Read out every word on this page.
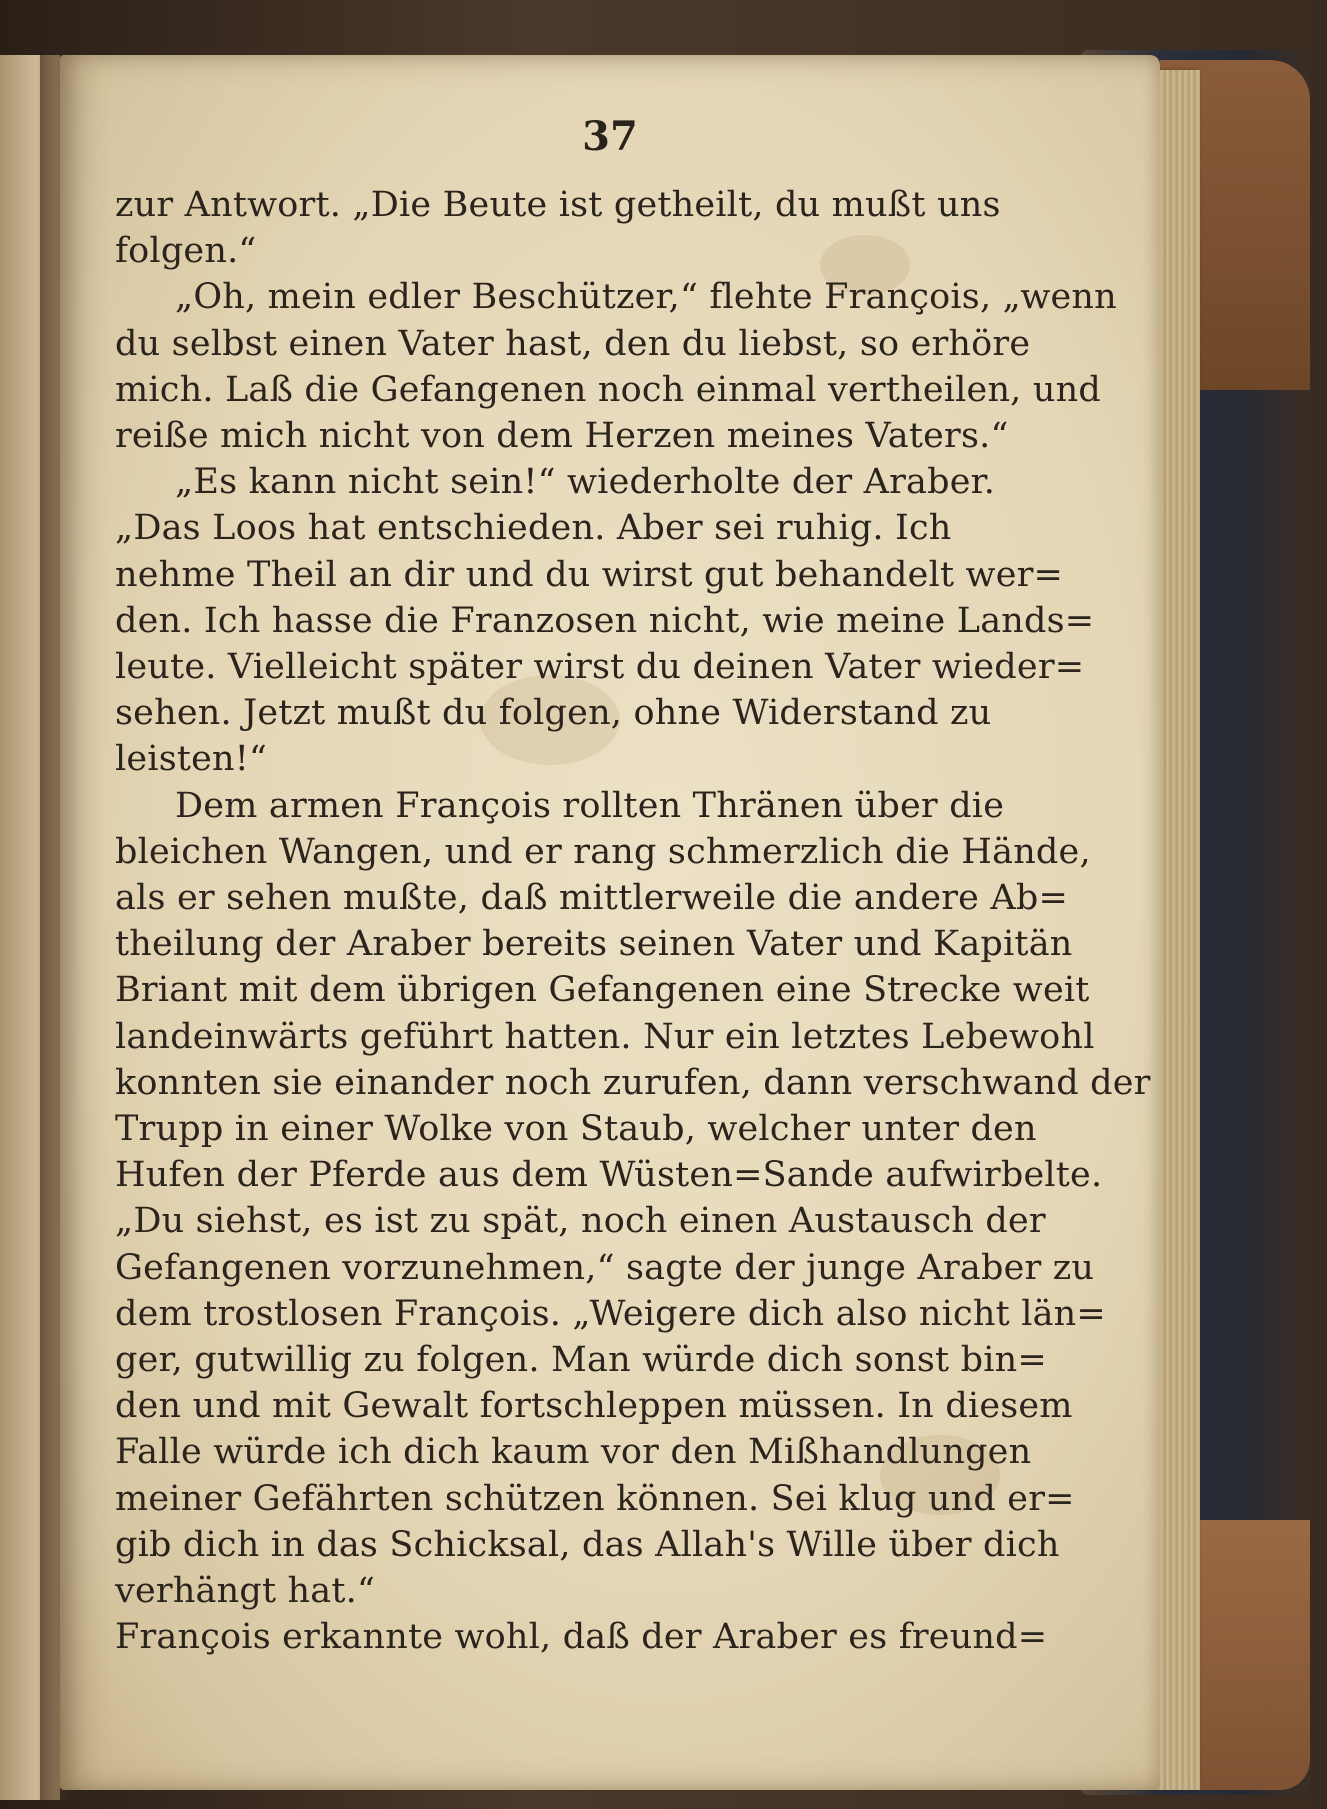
37
zur Antwort. „Die Beute ist getheilt, du mußt uns
folgen.“
„Oh, mein edler Beschützer,“ flehte François, „wenn
du selbst einen Vater hast, den du liebst, so erhöre
mich. Laß die Gefangenen noch einmal vertheilen, und
reiße mich nicht von dem Herzen meines Vaters.“
„Es kann nicht sein!“ wiederholte der Araber.
„Das Loos hat entschieden. Aber sei ruhig. Ich
nehme Theil an dir und du wirst gut behandelt wer=
den. Ich hasse die Franzosen nicht, wie meine Lands=
leute. Vielleicht später wirst du deinen Vater wieder=
sehen. Jetzt mußt du folgen, ohne Widerstand zu
leisten!“
Dem armen François rollten Thränen über die
bleichen Wangen, und er rang schmerzlich die Hände,
als er sehen mußte, daß mittlerweile die andere Ab=
theilung der Araber bereits seinen Vater und Kapitän
Briant mit dem übrigen Gefangenen eine Strecke weit
landeinwärts geführt hatten. Nur ein letztes Lebewohl
konnten sie einander noch zurufen, dann verschwand der
Trupp in einer Wolke von Staub, welcher unter den
Hufen der Pferde aus dem Wüsten=Sande aufwirbelte.
„Du siehst, es ist zu spät, noch einen Austausch der
Gefangenen vorzunehmen,“ sagte der junge Araber zu
dem trostlosen François. „Weigere dich also nicht län=
ger, gutwillig zu folgen. Man würde dich sonst bin=
den und mit Gewalt fortschleppen müssen. In diesem
Falle würde ich dich kaum vor den Mißhandlungen
meiner Gefährten schützen können. Sei klug und er=
gib dich in das Schicksal, das Allah's Wille über dich
verhängt hat.“
François erkannte wohl, daß der Araber es freund=
